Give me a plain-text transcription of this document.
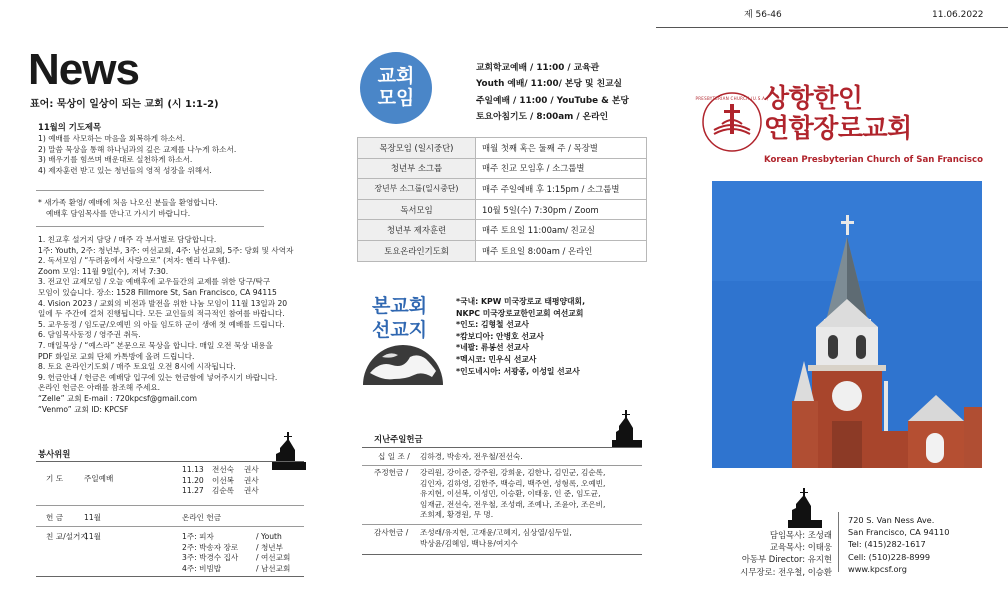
제 56-46	11.06.2022
News
표어: 묵상이 일상이 되는 교회 (시 1:1-2)
11월의 기도제목
1) 예배를 사모하는 마음을 회복하게 하소서.
2) 말씀 묵상을 통해 하나님과의 깊은 교제를 나누게 하소서.
3) 배우기를 힘쓰며 배운대로 실천하게 하소서.
4) 제자훈련 받고 있는 청년들의 영적 성장을 위해서.
* 새가족 환영/ 예배에 처음 나오신 분들을 환영합니다.
예배후 담임목사를 만나고 가시기 바랍니다.
1. 친교후 설거지 담당 / 매주 각 부서별로 담당합니다.
1주: Youth, 2주: 청년부, 3주: 여선교회, 4주: 남선교회, 5주: 당회 및 사역자
2. 독서모임 / “두려움에서 사랑으로” (저자: 헨리 나우웬).
Zoom 모임: 11월 9일(수), 저녁 7:30.
3. 전교인 교제모임 / 오늘 예배후에 교우들간의 교제를 위한 당구/탁구
모임이 있습니다. 장소: 1528 Fillmore St, San Francisco, CA 94115
4. Vision 2023 / 교회의 비전과 발전을 위한 나눔 모임이 11월 13일과 20
일에 두 주간에 걸쳐 진행됩니다. 모든 교인들의 적극적인 참여를 바랍니다.
5. 교우동정 / 임도균/오예빈 의 아들 임도하 군이 생애 첫 예배를 드립니다.
6. 담임목사동정 / 영주권 취득.
7. 매일묵상 / “예스라” 본문으로 묵상을 합니다. 매일 오전 묵상 내용을
PDF 화일로 교회 단체 카톡방에 올려 드립니다.
8. 토요 온라인기도회 / 매주 토요일 오전 8시에 시작됩니다.
9. 헌금안내 / 헌금은 예배당 입구에 있는 헌금함에 넣어주시기 바랍니다.
온라인 헌금은 아래를 참조해 주세요.
“Zelle” 교회 E-mail : 720kpcsf@gmail.com
“Venmo” 교회 ID: KPCSF
봉사위원
기 도	주일예배
11.13	전선숙	권사
11.20	이선복	권사
11.27	김순록	권사
헌 금	11월	온라인 헌금
친 교/설거지
11월	1주: 피자	/ Youth
2주: 박송자 장로	/ 청년부
3주: 박경수 집사	/ 여선교회
4주: 비빔밥	/ 남선교회
교회
모임
교회학교예배 / 11:00 / 교육관
Youth 예배/ 11:00/ 본당 및 친교실
주일예배 / 11:00 / YouTube & 본당
토요아침기도 / 8:00am / 온라인
목장모임 (일시중단)	매월 첫째 혹은 둘째 주 / 목장별
청년부 소그룹	매주 친교 모임후 / 소그룹별
장년부 소그룹(일시중단)	매주 주일예배 후 1:15pm / 소그룹별
독서모임	10월 5일(수) 7:30pm / Zoom
청년부 제자훈련	매주 토요일 11:00am/ 친교실
토요온라인기도회	매주 토요일 8:00am / 온라인
본교회
선교지
*국내: KPW 미국장로교 태평양대회,
NKPC 미국장로교한인교회 여선교회
*인도: 김형철 선교사
*캄보디아: 안병호 선교사
*네팔: 류봉선 선교사
*멕시코: 민우식 선교사
*인도네시아: 서광종, 이성일 선교사
지난주일헌금
십 일 조 / 김하경, 박송자, 전우철/전선숙.
주정헌금 / 강리원, 강이준, 강주원, 강희윤, 김한나, 김민군, 김순록,
김인자, 김하영, 김한주, 백승리, 백주연, 성형록, 오예빈,
유지현, 이선복, 이성민, 이승환, 이태웅, 인 준, 임도균,
임재균, 전선숙, 전우철, 조성래, 조예나, 조윤아, 조은비,
조희제, 황경원, 무 명.
감사헌금 / 조성래/유지현, 고재윤/고혜지, 심상열/심두일,
박상윤/김혜임, 백나용/여지수
PRESBYTERIAN CHURCH (U.S.A.)
상항한인
연합장로교회
Korean Presbyterian Church of San Francisco
담임목사: 조성래
교육목사: 이태웅
아동부 Director: 유지현
시무장로: 전우철, 이승환
720 S. Van Ness Ave.
San Francisco, CA 94110
Tel: (415)282-1617
Cell: (510)228-8999
www.kpcsf.org
